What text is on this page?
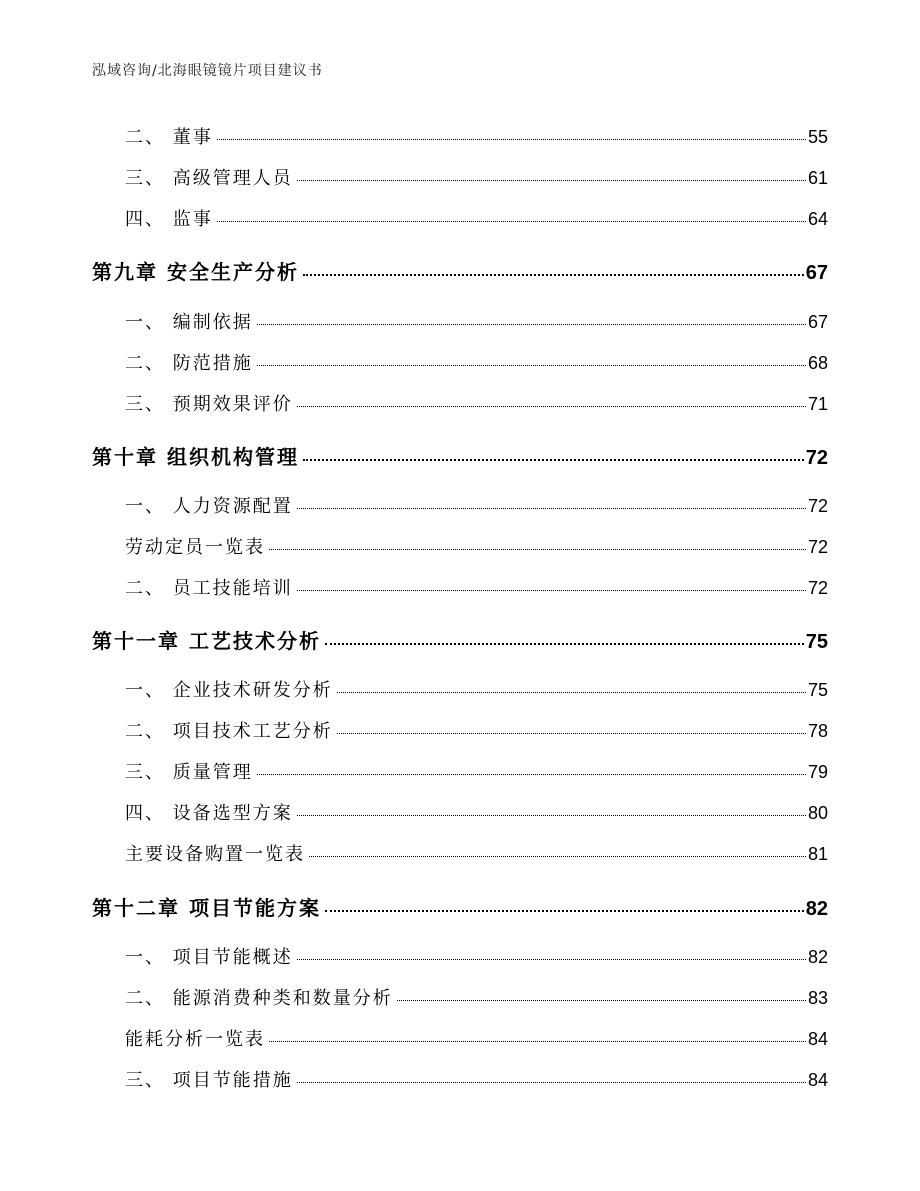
泓域咨询/北海眼镜镜片项目建议书
二、 董事	55
三、 高级管理人员	61
四、 监事	64
第九章 安全生产分析	67
一、 编制依据	67
二、 防范措施	68
三、 预期效果评价	71
第十章 组织机构管理	72
一、 人力资源配置	72
劳动定员一览表	72
二、 员工技能培训	72
第十一章 工艺技术分析	75
一、 企业技术研发分析	75
二、 项目技术工艺分析	78
三、 质量管理	79
四、 设备选型方案	80
主要设备购置一览表	81
第十二章 项目节能方案	82
一、 项目节能概述	82
二、 能源消费种类和数量分析	83
能耗分析一览表	84
三、 项目节能措施	84
